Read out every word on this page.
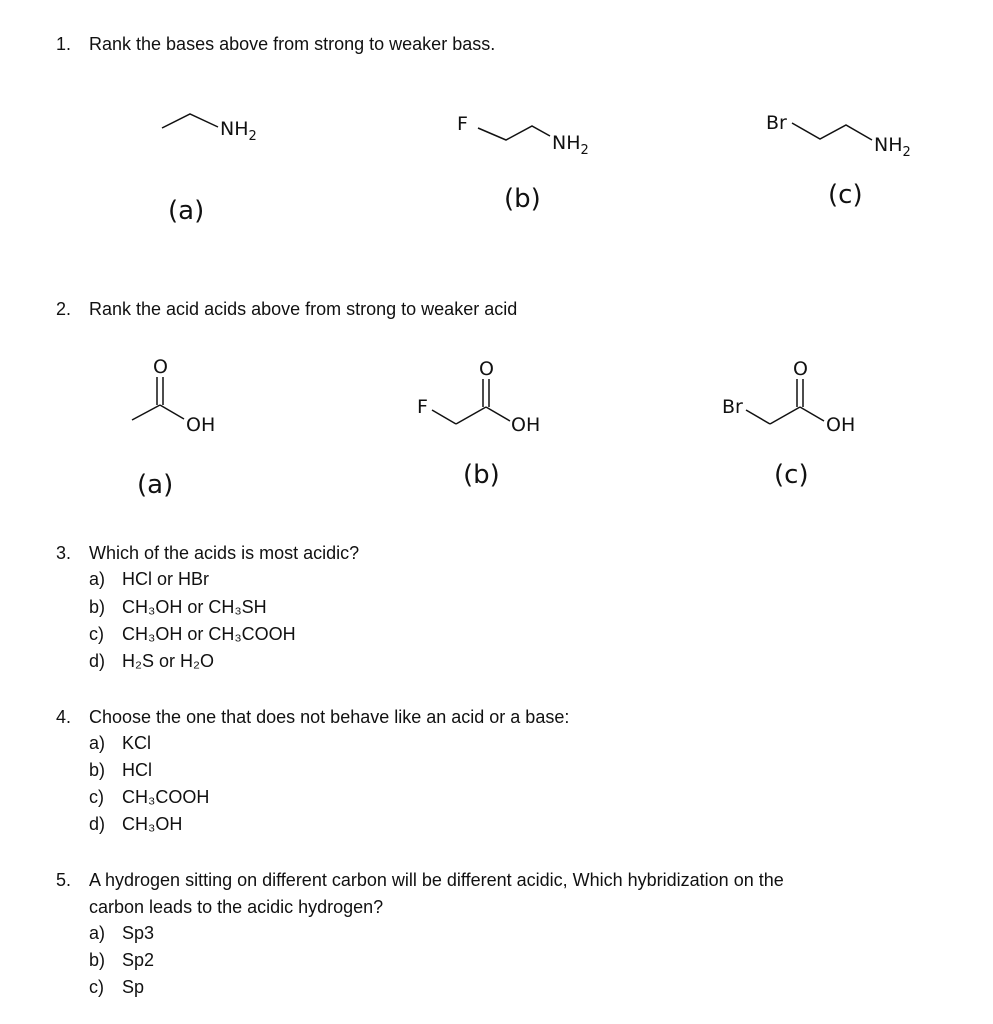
1. Rank the bases above from strong to weaker bass.
$NH_2$
(a)
F
$NH_2$
(b)
Br
$NH_2$
(c)
2. Rank the acid acids above from strong to weaker acid
O
OH
(a)
F
O
OH
(b)
Br
O
OH
(c)
3. Which of the acids is most acidic?
a) HCl or HBr
b) CH₃OH or CH₃SH
c) CH₃OH or CH₃COOH
d) H₂S or H₂O
4. Choose the one that does not behave like an acid or a base:
a) KCl
b) HCl
c) CH₃COOH
d) CH₃OH
5. A hydrogen sitting on different carbon will be different acidic, Which hybridization on the
carbon leads to the acidic hydrogen?
a) Sp3
b) Sp2
c) Sp
